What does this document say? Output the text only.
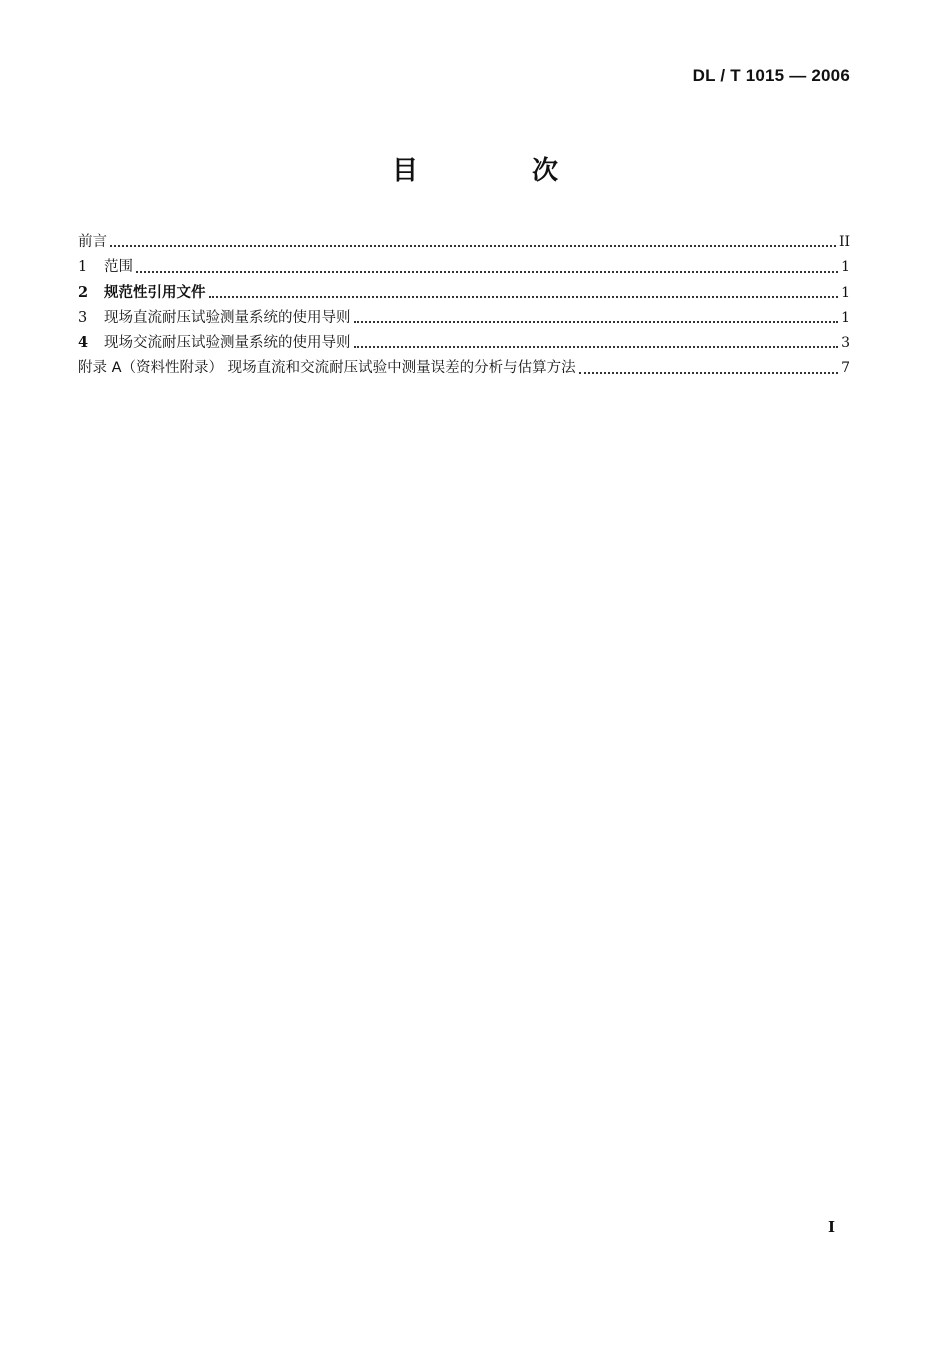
DL / T 1015 — 2006
目　次
前言	II
1	范围	1
2	规范性引用文件	1
3	现场直流耐压试验测量系统的使用导则	1
4	现场交流耐压试验测量系统的使用导则	3
附录 A（资料性附录） 现场直流和交流耐压试验中测量误差的分析与估算方法	7
I
